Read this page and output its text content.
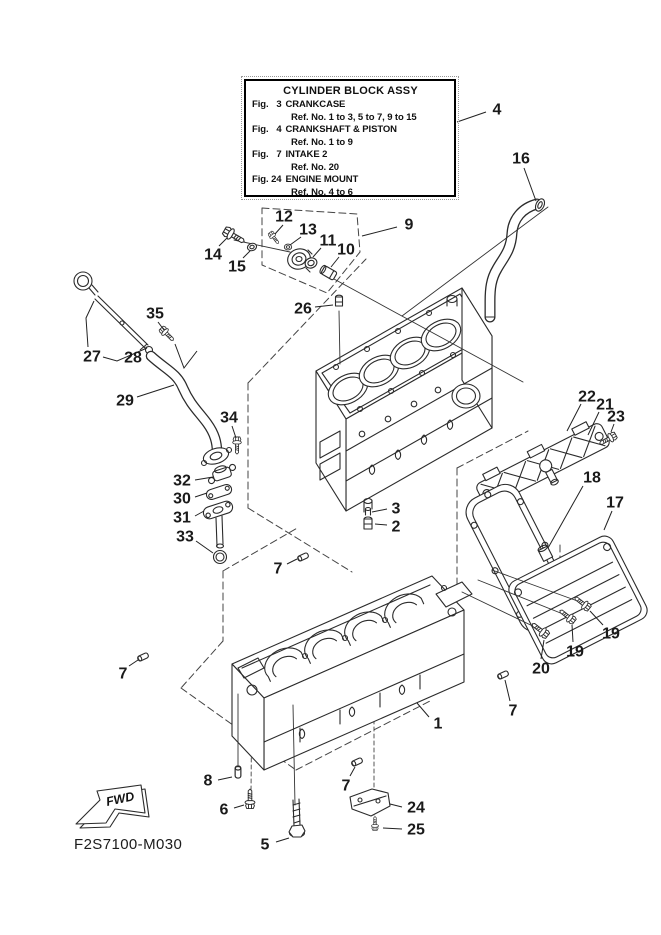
FWD
4
16
9
12
13
11
10
14
15
26
35
27 28
29
34
32
30
31
33
3
2
22 21
23
18
17
19
19
20
7
7
7
7
1
8
6
5
24
25
CYLINDER BLOCK ASSY
Fig. 3 CRANKCASE
Ref. No. 1 to 3, 5 to 7, 9 to 15
Fig. 4 CRANKSHAFT & PISTON
Ref. No. 1 to 9
Fig. 7 INTAKE 2
Ref. No. 20
Fig. 24 ENGINE MOUNT
Ref. No. 4 to 6
F2S7100-M030
